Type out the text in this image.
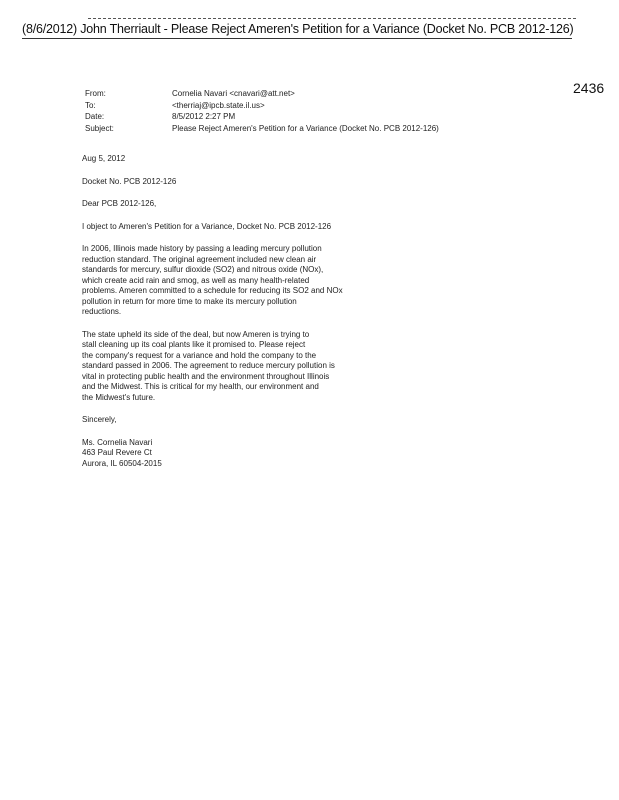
(8/6/2012) John Therriault - Please Reject Ameren's Petition for a Variance (Docket No. PCB 2012-126)
2436
From:	Cornelia Navari <cnavari@att.net>
To:	<therriaj@ipcb.state.il.us>
Date:	8/5/2012 2:27 PM
Subject:	Please Reject Ameren's Petition for a Variance (Docket No. PCB 2012-126)

Aug 5, 2012

Docket No. PCB 2012-126

Dear PCB 2012-126,

I object to Ameren's Petition for a Variance, Docket No. PCB 2012-126

In 2006, Illinois made history by passing a leading mercury pollution
reduction standard. The original agreement included new clean air
standards for mercury, sulfur dioxide (SO2) and nitrous oxide (NOx),
which create acid rain and smog, as well as many health-related
problems. Ameren committed to a schedule for reducing its SO2 and NOx
pollution in return for more time to make its mercury pollution
reductions.
The state upheld its side of the deal, but now Ameren is trying to
stall cleaning up its coal plants like it promised to. Please reject
the company's request for a variance and hold the company to the
standard passed in 2006. The agreement to reduce mercury pollution is
vital in protecting public health and the environment throughout Illinois
and the Midwest. This is critical for my health, our environment and
the Midwest's future.

Sincerely,

Ms. Cornelia Navari
463 Paul Revere Ct
Aurora, IL 60504-2015
